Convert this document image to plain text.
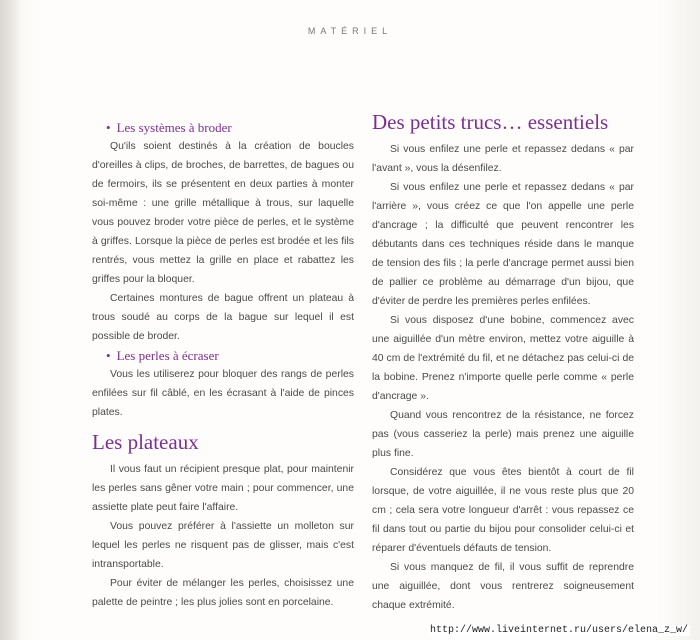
MATÉRIEL

• Les systèmes à broder

Qu'ils soient destinés à la création de boucles d'oreilles à clips, de broches, de barrettes, de bagues ou de fermoirs, ils se présentent en deux parties à monter soi-même : une grille métallique à trous, sur laquelle vous pouvez broder votre pièce de perles, et le système à griffes. Lorsque la pièce de perles est brodée et les fils rentrés, vous mettez la grille en place et rabattez les griffes pour la bloquer.

Certaines montures de bague offrent un plateau à trous soudé au corps de la bague sur lequel il est possible de broder.

• Les perles à écraser

Vous les utiliserez pour bloquer des rangs de perles enfilées sur fil câblé, en les écrasant à l'aide de pinces plates.

Les plateaux

Il vous faut un récipient presque plat, pour maintenir les perles sans gêner votre main ; pour commencer, une assiette plate peut faire l'affaire.

Vous pouvez préférer à l'assiette un molleton sur lequel les perles ne risquent pas de glisser, mais c'est intransportable.

Pour éviter de mélanger les perles, choisissez une palette de peintre ; les plus jolies sont en porcelaine.

Des petits trucs… essentiels

Si vous enfilez une perle et repassez dedans « par l'avant », vous la désenfilez.

Si vous enfilez une perle et repassez dedans « par l'arrière », vous créez ce que l'on appelle une perle d'ancrage ; la difficulté que peuvent rencontrer les débutants dans ces techniques réside dans le manque de tension des fils ; la perle d'ancrage permet aussi bien de pallier ce problème au démarrage d'un bijou, que d'éviter de perdre les premières perles enfilées.

Si vous disposez d'une bobine, commencez avec une aiguillée d'un mètre environ, mettez votre aiguille à 40 cm de l'extrémité du fil, et ne détachez pas celui-ci de la bobine. Prenez n'importe quelle perle comme « perle d'ancrage ».

Quand vous rencontrez de la résistance, ne forcez pas (vous casseriez la perle) mais prenez une aiguille plus fine.

Considérez que vous êtes bientôt à court de fil lorsque, de votre aiguillée, il ne vous reste plus que 20 cm ; cela sera votre longueur d'arrêt : vous repassez ce fil dans tout ou partie du bijou pour consolider celui-ci et réparer d'éventuels défauts de tension.

Si vous manquez de fil, il vous suffit de reprendre une aiguillée, dont vous rentrerez soigneusement chaque extrémité.

http://www.liveinternet.ru/users/elena_z_w/
